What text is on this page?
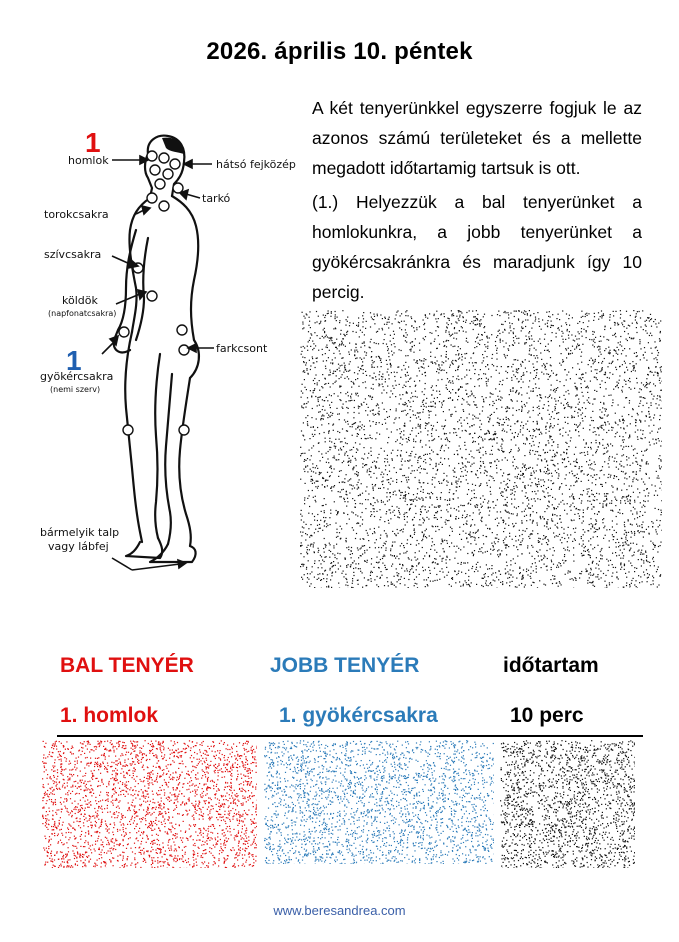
2026. április 10. péntek
1
1
homlok	hátsó fejközép
tarkó
torokcsakra
szívcsakra
köldök
(napfonatcsakra)
farkcsont
gyökércsakra
(nemi szerv)
bármelyik talp
vagy lábfej

A két tenyerünkkel egyszerre fogjuk le az azonos számú területeket és a mellette megadott időtartamig tartsuk is ott.

(1.) Helyezzük a bal tenyerünket a homlokunkra, a jobb tenyerünket a gyökércsakránkra és maradjunk így 10 percig.

BAL TENYÉR	JOBB TENYÉR	időtartam
1. homlok	1. gyökércsakra	10 perc
www.beresandrea.com
